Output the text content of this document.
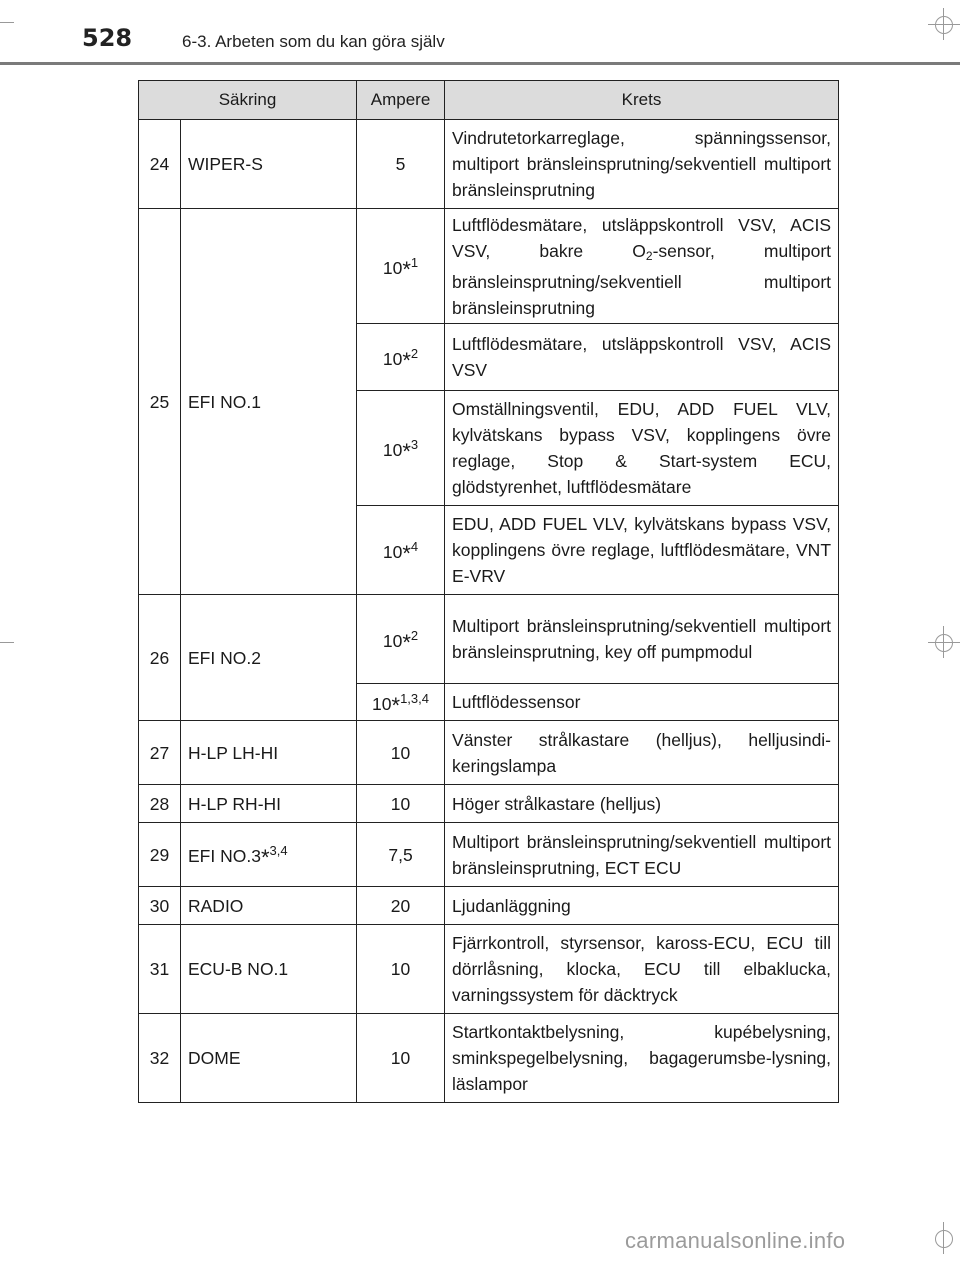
528	6-3. Arbeten som du kan göra själv
Säkring		Ampere	Krets
24	WIPER-S	5	Vindrutetorkarreglage, spänningssensor, multiport bränsleinsprutning/sekventiell multiport bränsleinsprutning
25	EFI NO.1	10*$^1$	Luftflödesmätare, utsläppskontroll VSV, ACIS VSV, bakre $O_2$-sensor, multiport bränsleinsprutning/sekventiell multiport bränsleinsprutning
		10*$^2$	Luftflödesmätare, utsläppskontroll VSV, ACIS VSV
		10*$^3$	Omställningsventil, EDU, ADD FUEL VLV, kylvätskans bypass VSV, kopplingens övre reglage, Stop & Start-system ECU, glödstyrenhet, luftflödesmätare
		10*$^4$	EDU, ADD FUEL VLV, kylvätskans bypass VSV, kopplingens övre reglage, luftflödesmätare, VNT E-VRV
26	EFI NO.2	10*$^2$	Multiport bränsleinsprutning/sekventiell multiport bränsleinsprutning, key off pumpmodul
		10*$^{1,3,4}$	Luftflödessensor
27	H-LP LH-HI	10	Vänster strålkastare (helljus), helljusindi-keringslampa
28	H-LP RH-HI	10	Höger strålkastare (helljus)
29	EFI NO.3*$^{3,4}$	7,5	Multiport bränsleinsprutning/sekventiell multiport bränsleinsprutning, ECT ECU
30	RADIO	20	Ljudanläggning
31	ECU-B NO.1	10	Fjärrkontroll, styrsensor, kaross-ECU, ECU till dörrlåsning, klocka, ECU till elbaklucka, varningssystem för däcktryck
32	DOME	10	Startkontaktbelysning, kupébelysning, sminkspegelbelysning, bagagerumsbe-lysning, läslampor
carmanualsonline.info
